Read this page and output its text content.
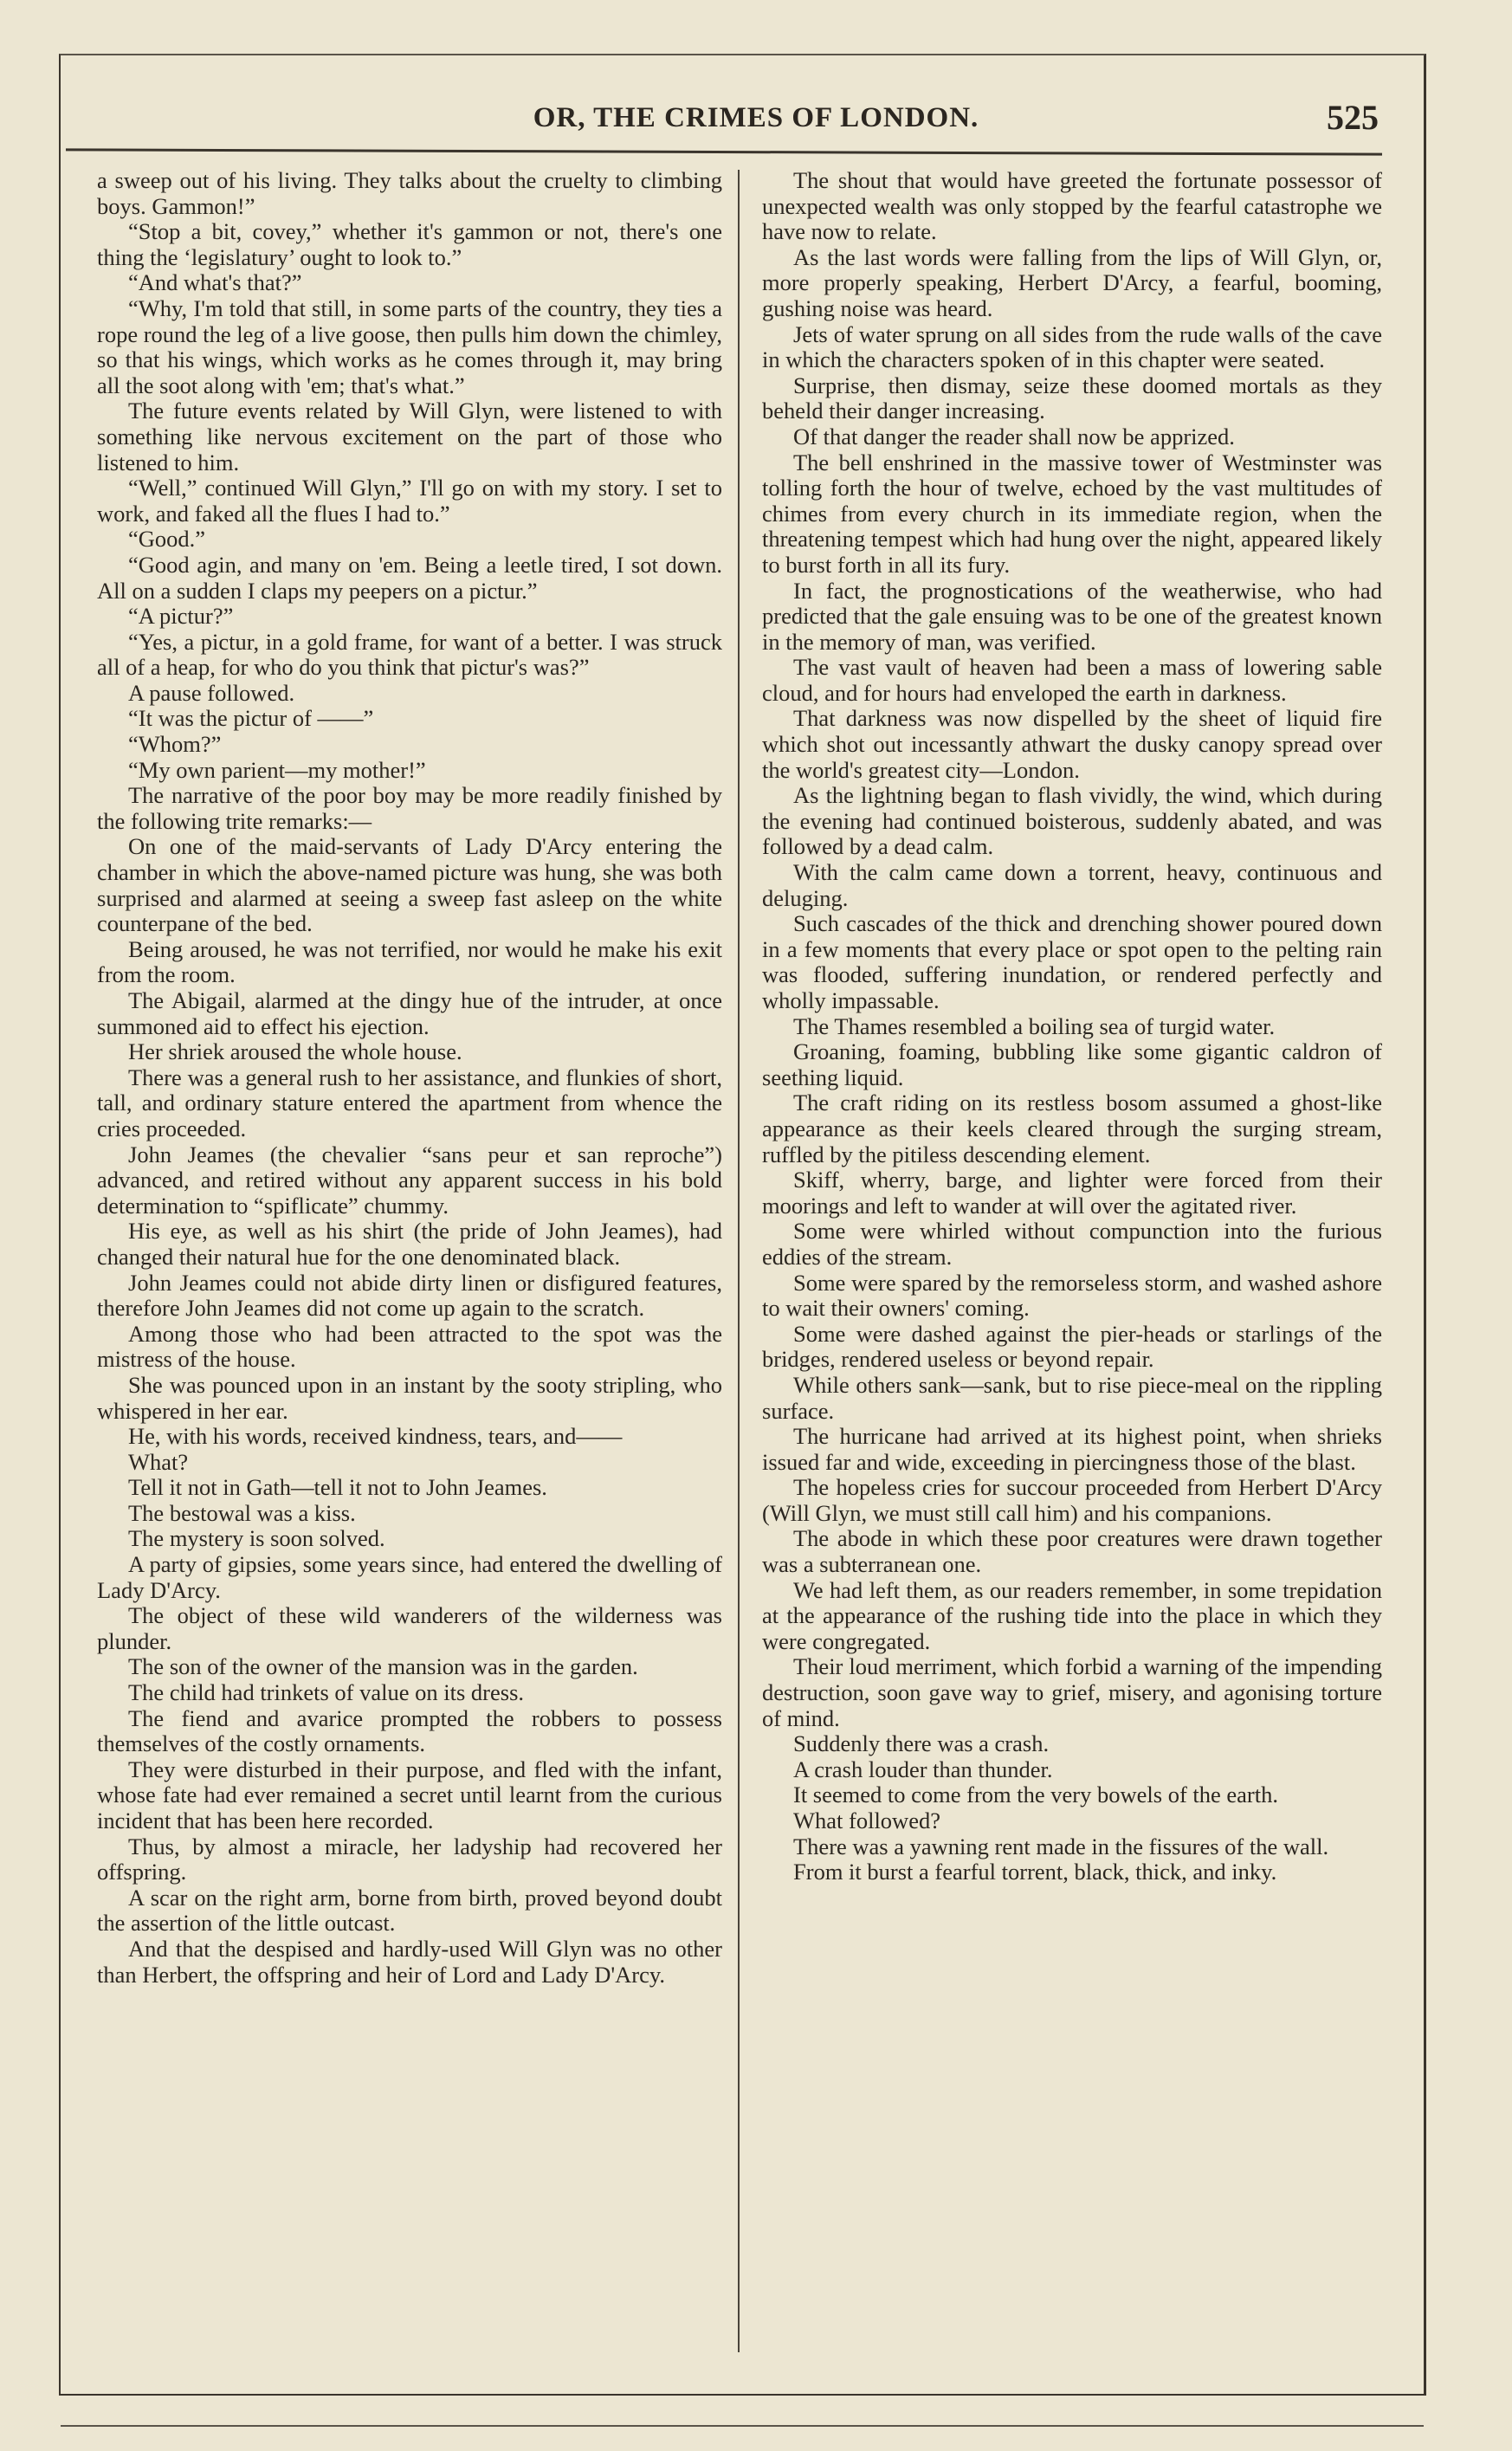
OR, THE CRIMES OF LONDON.	525

a sweep out of his living. They talks about the cruelty to climbing boys. Gammon!”

“Stop a bit, covey,” whether it's gammon or not, there's one thing the ‘legislatury’ ought to look to.”

“And what's that?”

“Why, I'm told that still, in some parts of the country, they ties a rope round the leg of a live goose, then pulls him down the chimley, so that his wings, which works as he comes through it, may bring all the soot along with 'em; that's what.”

The future events related by Will Glyn, were listened to with something like nervous excitement on the part of those who listened to him.

“Well,” continued Will Glyn,” I'll go on with my story. I set to work, and faked all the flues I had to.”

“Good.”

“Good agin, and many on 'em. Being a leetle tired, I sot down. All on a sudden I claps my peepers on a pictur.”

“A pictur?”

“Yes, a pictur, in a gold frame, for want of a better. I was struck all of a heap, for who do you think that pictur's was?”

A pause followed.

“It was the pictur of ——”

“Whom?”

“My own parient—my mother!”

The narrative of the poor boy may be more readily finished by the following trite remarks:—

On one of the maid-servants of Lady D'Arcy entering the chamber in which the above-named picture was hung, she was both surprised and alarmed at seeing a sweep fast asleep on the white counterpane of the bed.

Being aroused, he was not terrified, nor would he make his exit from the room.

The Abigail, alarmed at the dingy hue of the intruder, at once summoned aid to effect his ejection.

Her shriek aroused the whole house.

There was a general rush to her assistance, and flunkies of short, tall, and ordinary stature entered the apartment from whence the cries proceeded.

John Jeames (the chevalier “sans peur et san reproche”) advanced, and retired without any apparent success in his bold determination to “spiflicate” chummy.

His eye, as well as his shirt (the pride of John Jeames), had changed their natural hue for the one denominated black.

John Jeames could not abide dirty linen or disfigured features, therefore John Jeames did not come up again to the scratch.

Among those who had been attracted to the spot was the mistress of the house.

She was pounced upon in an instant by the sooty stripling, who whispered in her ear.

He, with his words, received kindness, tears, and——

What?

Tell it not in Gath—tell it not to John Jeames.

The bestowal was a kiss.

The mystery is soon solved.

A party of gipsies, some years since, had entered the dwelling of Lady D'Arcy.

The object of these wild wanderers of the wilderness was plunder.

The son of the owner of the mansion was in the garden.

The child had trinkets of value on its dress.

The fiend and avarice prompted the robbers to possess themselves of the costly ornaments.

They were disturbed in their purpose, and fled with the infant, whose fate had ever remained a secret until learnt from the curious incident that has been here recorded.

Thus, by almost a miracle, her ladyship had recovered her offspring.

A scar on the right arm, borne from birth, proved beyond doubt the assertion of the little outcast.

And that the despised and hardly-used Will Glyn was no other than Herbert, the offspring and heir of Lord and Lady D'Arcy.

The shout that would have greeted the fortunate possessor of unexpected wealth was only stopped by the fearful catastrophe we have now to relate.

As the last words were falling from the lips of Will Glyn, or, more properly speaking, Herbert D'Arcy, a fearful, booming, gushing noise was heard.

Jets of water sprung on all sides from the rude walls of the cave in which the characters spoken of in this chapter were seated.

Surprise, then dismay, seize these doomed mortals as they beheld their danger increasing.

Of that danger the reader shall now be apprized.

The bell enshrined in the massive tower of Westminster was tolling forth the hour of twelve, echoed by the vast multitudes of chimes from every church in its immediate region, when the threatening tempest which had hung over the night, appeared likely to burst forth in all its fury.

In fact, the prognostications of the weatherwise, who had predicted that the gale ensuing was to be one of the greatest known in the memory of man, was verified.

The vast vault of heaven had been a mass of lowering sable cloud, and for hours had enveloped the earth in darkness.

That darkness was now dispelled by the sheet of liquid fire which shot out incessantly athwart the dusky canopy spread over the world's greatest city—London.

As the lightning began to flash vividly, the wind, which during the evening had continued boisterous, suddenly abated, and was followed by a dead calm.

With the calm came down a torrent, heavy, continuous and deluging.

Such cascades of the thick and drenching shower poured down in a few moments that every place or spot open to the pelting rain was flooded, suffering inundation, or rendered perfectly and wholly impassable.

The Thames resembled a boiling sea of turgid water.

Groaning, foaming, bubbling like some gigantic caldron of seething liquid.

The craft riding on its restless bosom assumed a ghost-like appearance as their keels cleared through the surging stream, ruffled by the pitiless descending element.

Skiff, wherry, barge, and lighter were forced from their moorings and left to wander at will over the agitated river.

Some were whirled without compunction into the furious eddies of the stream.

Some were spared by the remorseless storm, and washed ashore to wait their owners' coming.

Some were dashed against the pier-heads or starlings of the bridges, rendered useless or beyond repair.

While others sank—sank, but to rise piece-meal on the rippling surface.

The hurricane had arrived at its highest point, when shrieks issued far and wide, exceeding in piercingness those of the blast.

The hopeless cries for succour proceeded from Herbert D'Arcy (Will Glyn, we must still call him) and his companions.

The abode in which these poor creatures were drawn together was a subterranean one.

We had left them, as our readers remember, in some trepidation at the appearance of the rushing tide into the place in which they were congregated.

Their loud merriment, which forbid a warning of the impending destruction, soon gave way to grief, misery, and agonising torture of mind.

Suddenly there was a crash.

A crash louder than thunder.

It seemed to come from the very bowels of the earth.

What followed?

There was a yawning rent made in the fissures of the wall.

From it burst a fearful torrent, black, thick, and inky.
